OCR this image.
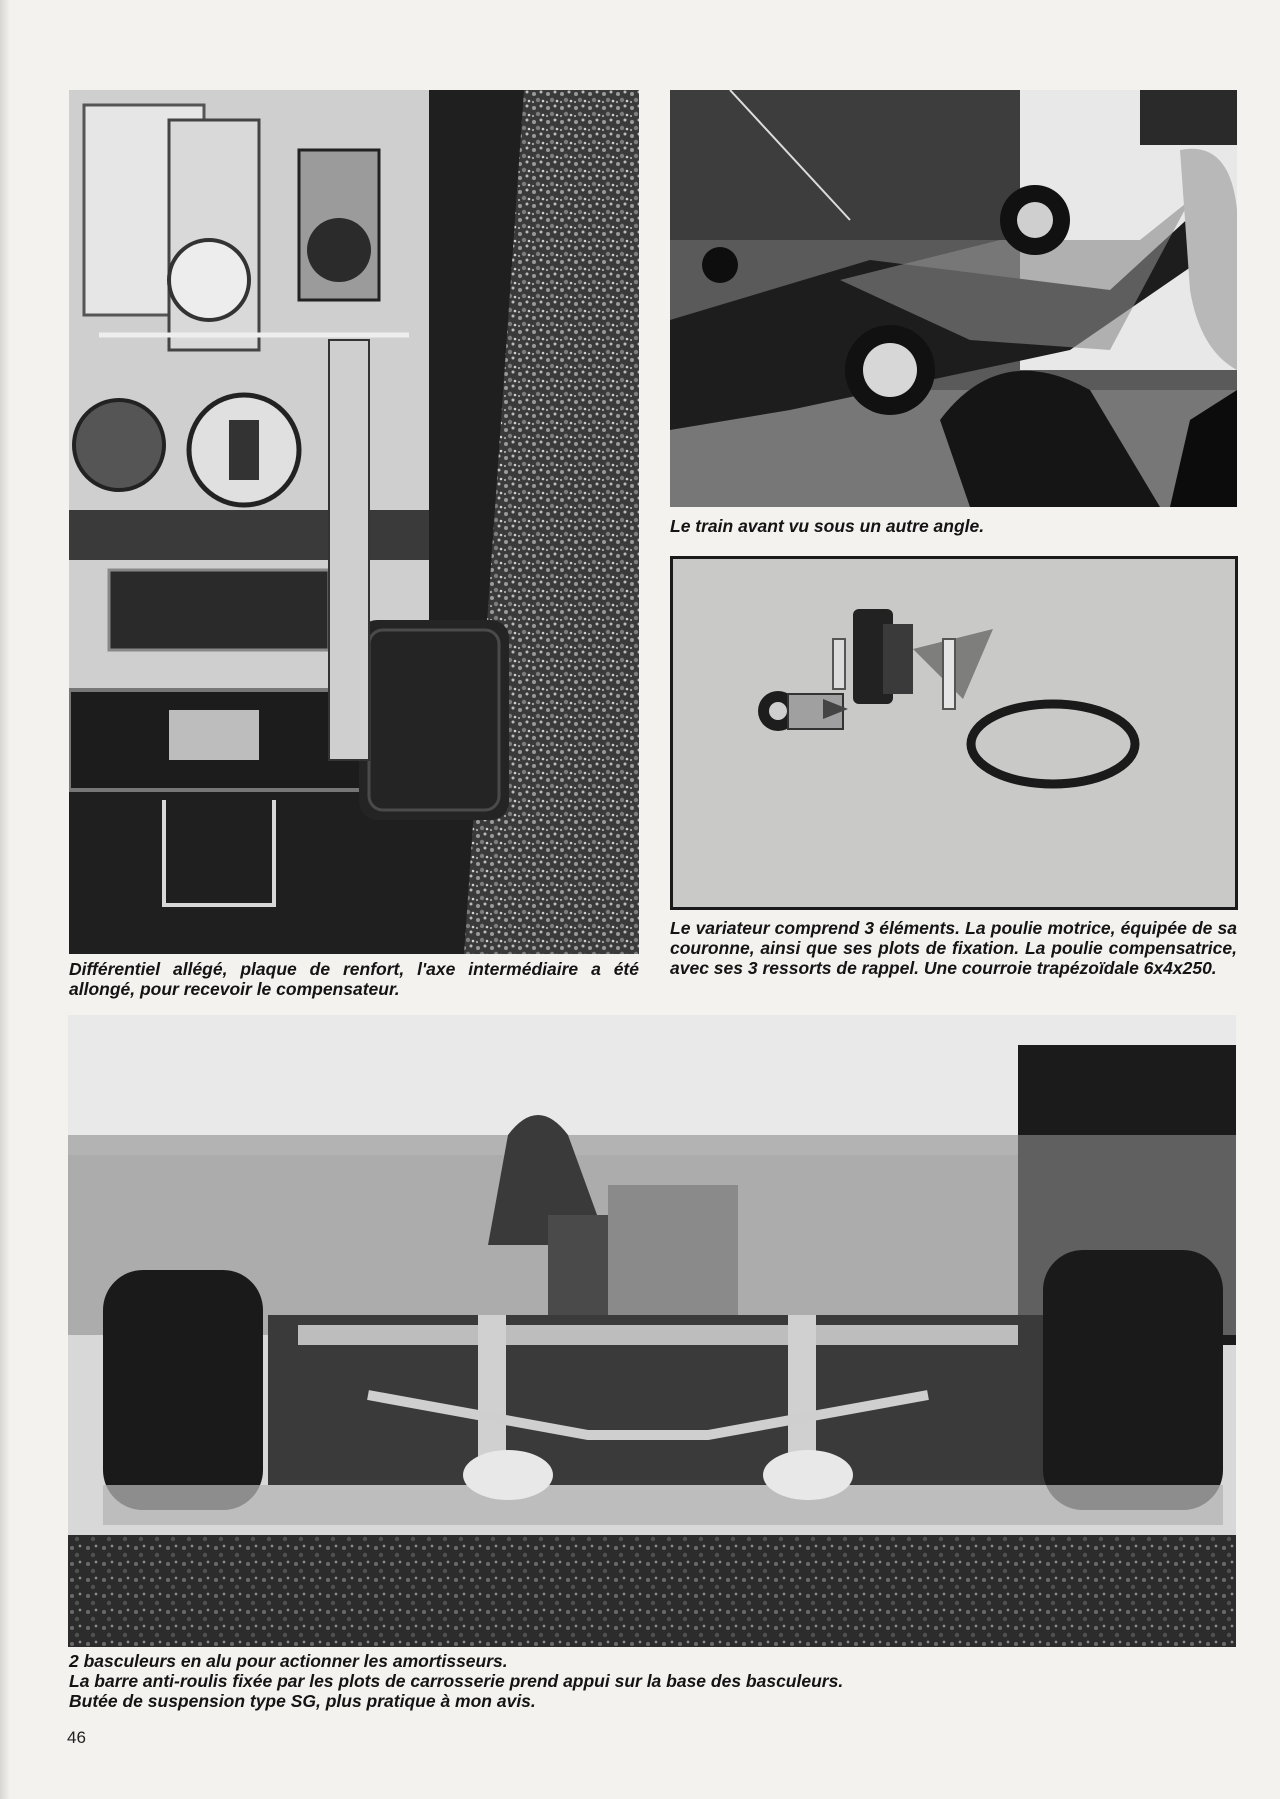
Le train avant vu sous un autre angle.

Le variateur comprend 3 éléments. La poulie motrice, équipée de sa couronne, ainsi que ses plots de fixation. La poulie compensatrice, avec ses 3 ressorts de rappel. Une courroie trapézoïdale 6x4x250.

Différentiel allégé, plaque de renfort, l'axe intermédiaire a été allongé, pour recevoir le compensateur.

2 basculeurs en alu pour actionner les amortisseurs.
La barre anti-roulis fixée par les plots de carrosserie prend appui sur la base des basculeurs.
Butée de suspension type SG, plus pratique à mon avis.
46
